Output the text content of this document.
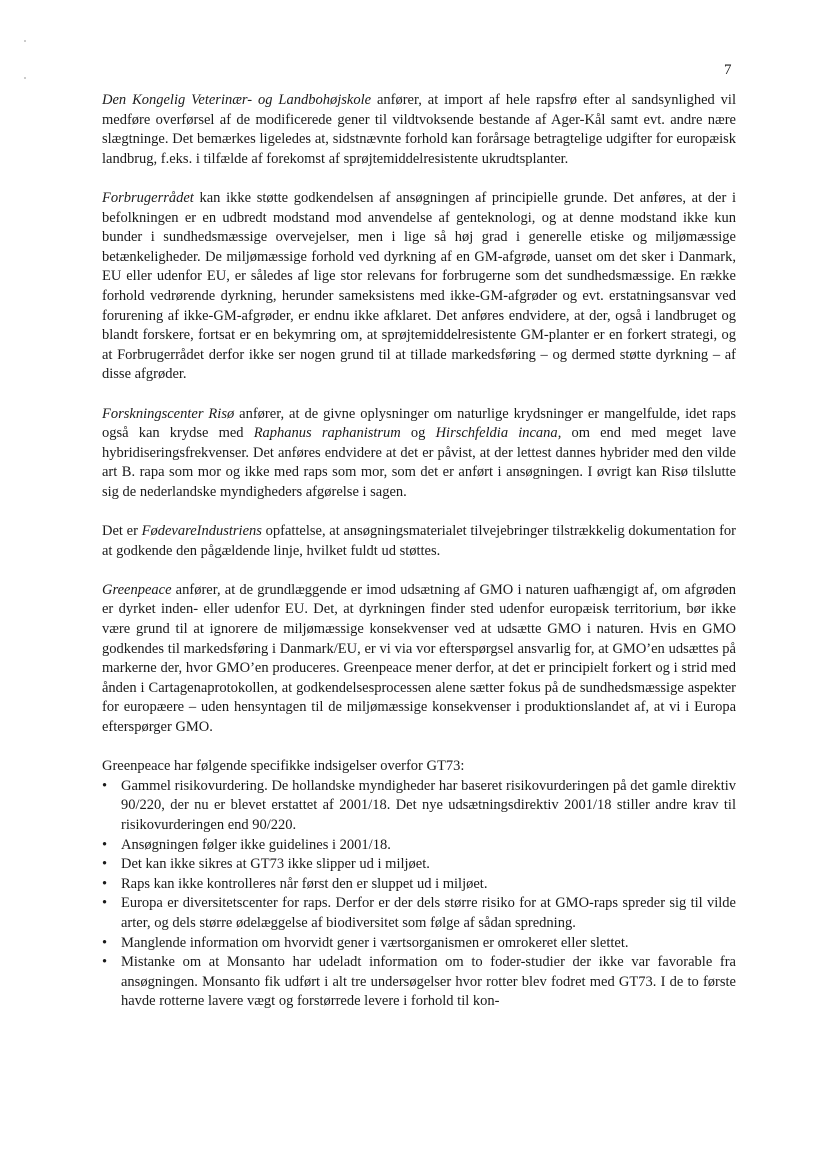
7

Den Kongelig Veterinær- og Landbohøjskole anfører, at import af hele rapsfrø efter al sandsynlighed vil medføre overførsel af de modificerede gener til vildtvoksende bestande af Ager-Kål samt evt. andre nære slægtninge. Det bemærkes ligeledes at, sidstnævnte forhold kan forårsage betragtelige udgifter for europæisk landbrug, f.eks. i tilfælde af forekomst af sprøjtemiddelresistente ukrudtsplanter.

Forbrugerrådet kan ikke støtte godkendelsen af ansøgningen af principielle grunde. Det anføres, at der i befolkningen er en udbredt modstand mod anvendelse af genteknologi, og at denne modstand ikke kun bunder i sundhedsmæssige overvejelser, men i lige så høj grad i generelle etiske og miljømæssige betænkeligheder. De miljømæssige forhold ved dyrkning af en GM-afgrøde, uanset om det sker i Danmark, EU eller udenfor EU, er således af lige stor relevans for forbrugerne som det sundhedsmæssige. En række forhold vedrørende dyrkning, herunder sameksistens med ikke-GM-afgrøder og evt. erstatningsansvar ved forurening af ikke-GM-afgrøder, er endnu ikke afklaret. Det anføres endvidere, at der, også i landbruget og blandt forskere, fortsat er en bekymring om, at sprøjtemiddelresistente GM-planter er en forkert strategi, og at Forbrugerrådet derfor ikke ser nogen grund til at tillade markedsføring – og dermed støtte dyrkning – af disse afgrøder.

Forskningscenter Risø anfører, at de givne oplysninger om naturlige krydsninger er mangelfulde, idet raps også kan krydse med Raphanus raphanistrum og Hirschfeldia incana, om end med meget lave hybridiseringsfrekvenser. Det anføres endvidere at det er påvist, at der lettest dannes hybrider med den vilde art B. rapa som mor og ikke med raps som mor, som det er anført i ansøgningen. I øvrigt kan Risø tilslutte sig de nederlandske myndigheders afgørelse i sagen.

Det er FødevareIndustriens opfattelse, at ansøgningsmaterialet tilvejebringer tilstrækkelig dokumentation for at godkende den pågældende linje, hvilket fuldt ud støttes.

Greenpeace anfører, at de grundlæggende er imod udsætning af GMO i naturen uafhængigt af, om afgrøden er dyrket inden- eller udenfor EU. Det, at dyrkningen finder sted udenfor europæisk territorium, bør ikke være grund til at ignorere de miljømæssige konsekvenser ved at udsætte GMO i naturen. Hvis en GMO godkendes til markedsføring i Danmark/EU, er vi via vor efterspørgsel ansvarlig for, at GMO’en udsættes på markerne der, hvor GMO’en produceres. Greenpeace mener derfor, at det er principielt forkert og i strid med ånden i Cartagenaprotokollen, at godkendelsesprocessen alene sætter fokus på de sundhedsmæssige aspekter for europæere – uden hensyntagen til de miljømæssige konsekvenser i produktionslandet af, at vi i Europa efterspørger GMO.

Greenpeace har følgende specifikke indsigelser overfor GT73:

• Gammel risikovurdering. De hollandske myndigheder har baseret risikovurderingen på det gamle direktiv 90/220, der nu er blevet erstattet af 2001/18. Det nye udsætningsdirektiv 2001/18 stiller andre krav til risikovurderingen end 90/220.
• Ansøgningen følger ikke guidelines i 2001/18.
• Det kan ikke sikres at GT73 ikke slipper ud i miljøet.
• Raps kan ikke kontrolleres når først den er sluppet ud i miljøet.
• Europa er diversitetscenter for raps. Derfor er der dels større risiko for at GMO-raps spreder sig til vilde arter, og dels større ødelæggelse af biodiversitet som følge af sådan spredning.
• Manglende information om hvorvidt gener i værtsorganismen er omrokeret eller slettet.
• Mistanke om at Monsanto har udeladt information om to foder-studier der ikke var favorable fra ansøgningen. Monsanto fik udført i alt tre undersøgelser hvor rotter blev fodret med GT73. I de to første havde rotterne lavere vægt og forstørrede levere i forhold til kon-
